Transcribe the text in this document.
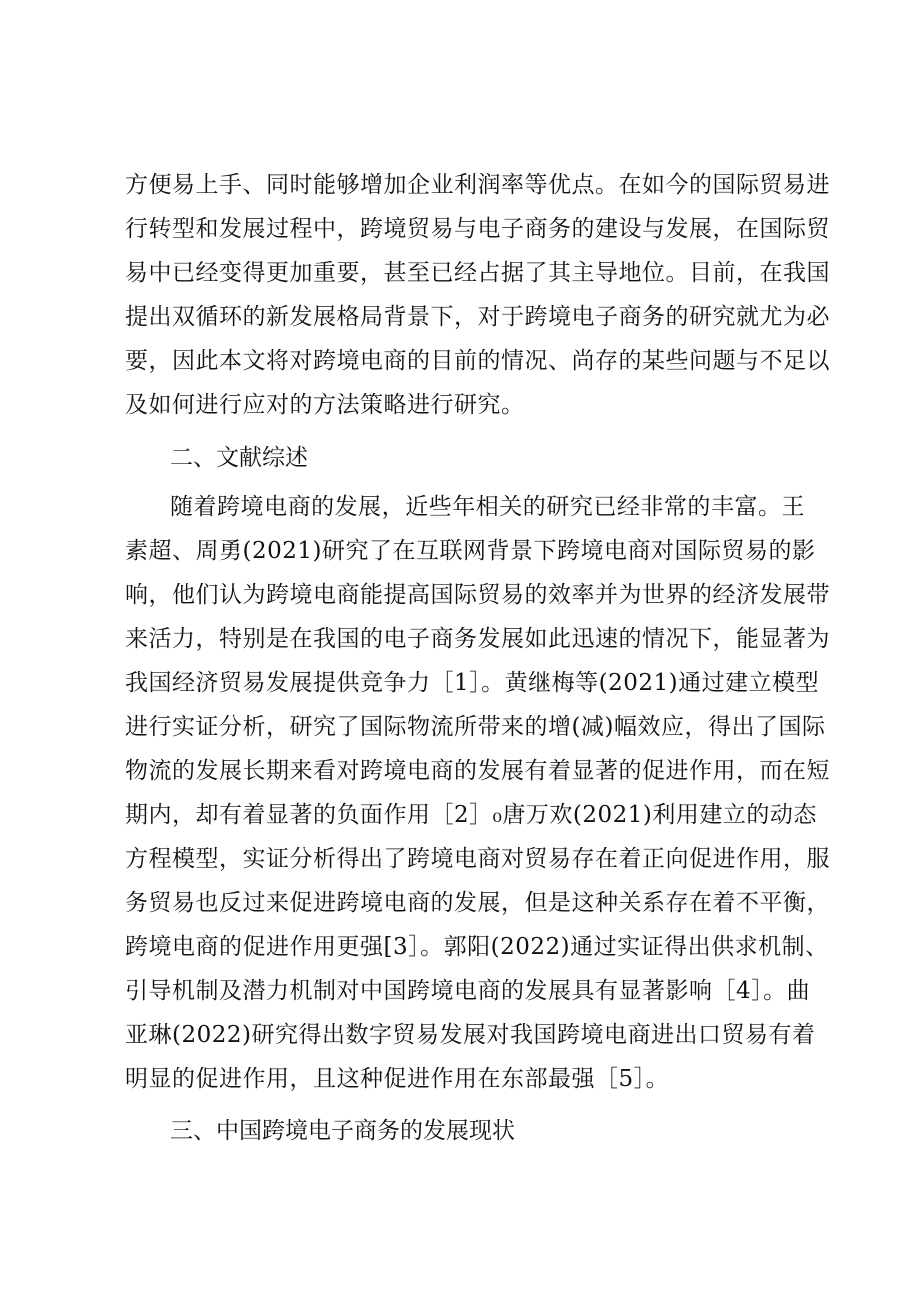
方便易上手、同时能够增加企业利润率等优点。在如今的国际贸易进
行转型和发展过程中，跨境贸易与电子商务的建设与发展，在国际贸
易中已经变得更加重要，甚至已经占据了其主导地位。目前，在我国
提出双循环的新发展格局背景下，对于跨境电子商务的研究就尤为必
要，因此本文将对跨境电商的目前的情况、尚存的某些问题与不足以
及如何进行应对的方法策略进行研究。
二、文献综述
随着跨境电商的发展，近些年相关的研究已经非常的丰富。王
素超、周勇(2021)研究了在互联网背景下跨境电商对国际贸易的影
响，他们认为跨境电商能提高国际贸易的效率并为世界的经济发展带
来活力，特别是在我国的电子商务发展如此迅速的情况下，能显著为
我国经济贸易发展提供竞争力［1］。黄继梅等(2021)通过建立模型
进行实证分析，研究了国际物流所带来的增(减)幅效应，得出了国际
物流的发展长期来看对跨境电商的发展有着显著的促进作用，而在短
期内，却有着显著的负面作用［2］₀唐万欢(2021)利用建立的动态
方程模型，实证分析得出了跨境电商对贸易存在着正向促进作用，服
务贸易也反过来促进跨境电商的发展，但是这种关系存在着不平衡，
跨境电商的促进作用更强[3］。郭阳(2022)通过实证得出供求机制、
引导机制及潜力机制对中国跨境电商的发展具有显著影响［4］。曲
亚琳(2022)研究得出数字贸易发展对我国跨境电商进出口贸易有着
明显的促进作用，且这种促进作用在东部最强［5］。
三、中国跨境电子商务的发展现状
